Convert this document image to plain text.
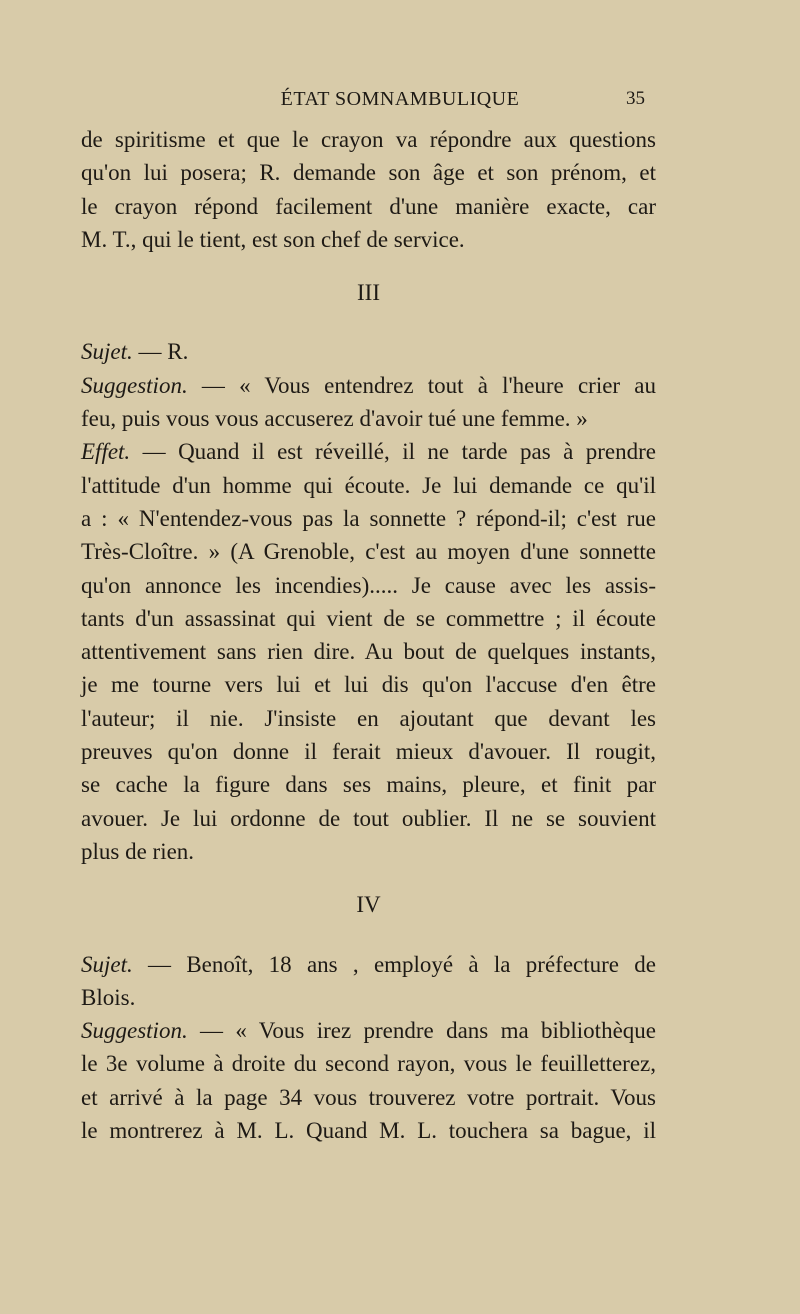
ÉTAT SOMNAMBULIQUE	35

de spiritisme et que le crayon va répondre aux questions

qu'on lui posera; R. demande son âge et son prénom, et

le crayon répond facilement d'une manière exacte, car

M. T., qui le tient, est son chef de service.

III

Sujet. — R.

Suggestion. — « Vous entendrez tout à l'heure crier au

feu, puis vous vous accuserez d'avoir tué une femme. »

Effet. — Quand il est réveillé, il ne tarde pas à prendre

l'attitude d'un homme qui écoute. Je lui demande ce qu'il

a : « N'entendez-vous pas la sonnette ? répond-il; c'est rue

Très-Cloître. » (A Grenoble, c'est au moyen d'une sonnette

qu'on annonce les incendies)..... Je cause avec les assis-

tants d'un assassinat qui vient de se commettre ; il écoute

attentivement sans rien dire. Au bout de quelques instants,

je me tourne vers lui et lui dis qu'on l'accuse d'en être

l'auteur; il nie. J'insiste en ajoutant que devant les

preuves qu'on donne il ferait mieux d'avouer. Il rougit,

se cache la figure dans ses mains, pleure, et finit par

avouer. Je lui ordonne de tout oublier. Il ne se souvient

plus de rien.

IV

Sujet. — Benoît, 18 ans , employé à la préfecture de

Blois.

Suggestion. — « Vous irez prendre dans ma bibliothèque

le 3e volume à droite du second rayon, vous le feuilletterez,

et arrivé à la page 34 vous trouverez votre portrait. Vous

le montrerez à M. L. Quand M. L. touchera sa bague, il
